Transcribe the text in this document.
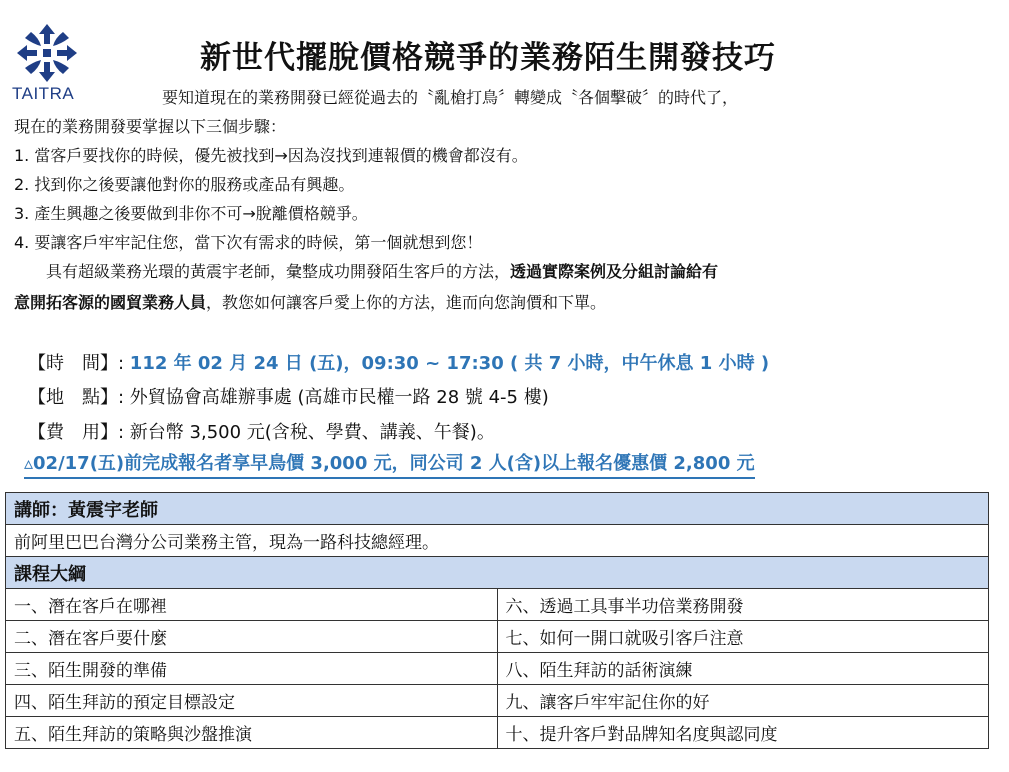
TAITRA
新世代擺脫價格競爭的業務陌生開發技巧
要知道現在的業務開發已經從過去的〝亂槍打鳥〞轉變成〝各個擊破〞的時代了，
現在的業務開發要掌握以下三個步驟：
1. 當客戶要找你的時候，優先被找到→因為沒找到連報價的機會都沒有。
2. 找到你之後要讓他對你的服務或產品有興趣。
3. 產生興趣之後要做到非你不可→脫離價格競爭。
4. 要讓客戶牢牢記住您，當下次有需求的時候，第一個就想到您！
具有超級業務光環的黃震宇老師，彙整成功開發陌生客戶的方法，透過實際案例及分組討論給有
意開拓客源的國貿業務人員，教您如何讓客戶愛上你的方法，進而向您詢價和下單。
【時　間】: 112 年 02 月 24 日 (五)，09:30 ~ 17:30 ( 共 7 小時，中午休息 1 小時 )
【地　點】: 外貿協會高雄辦事處 (高雄市民權一路 28 號 4-5 樓)
【費　用】: 新台幣 3,500 元(含稅、學費、講義、午餐)。
▵02/17(五)前完成報名者享早鳥價 3,000 元，同公司 2 人(含)以上報名優惠價 2,800 元
講師：黃震宇老師	
前阿里巴巴台灣分公司業務主管，現為一路科技總經理。	
課程大綱	
一、潛在客戶在哪裡	六、透過工具事半功倍業務開發
二、潛在客戶要什麼	七、如何一開口就吸引客戶注意
三、陌生開發的準備	八、陌生拜訪的話術演練
四、陌生拜訪的預定目標設定	九、讓客戶牢牢記住你的好
五、陌生拜訪的策略與沙盤推演	十、提升客戶對品牌知名度與認同度
